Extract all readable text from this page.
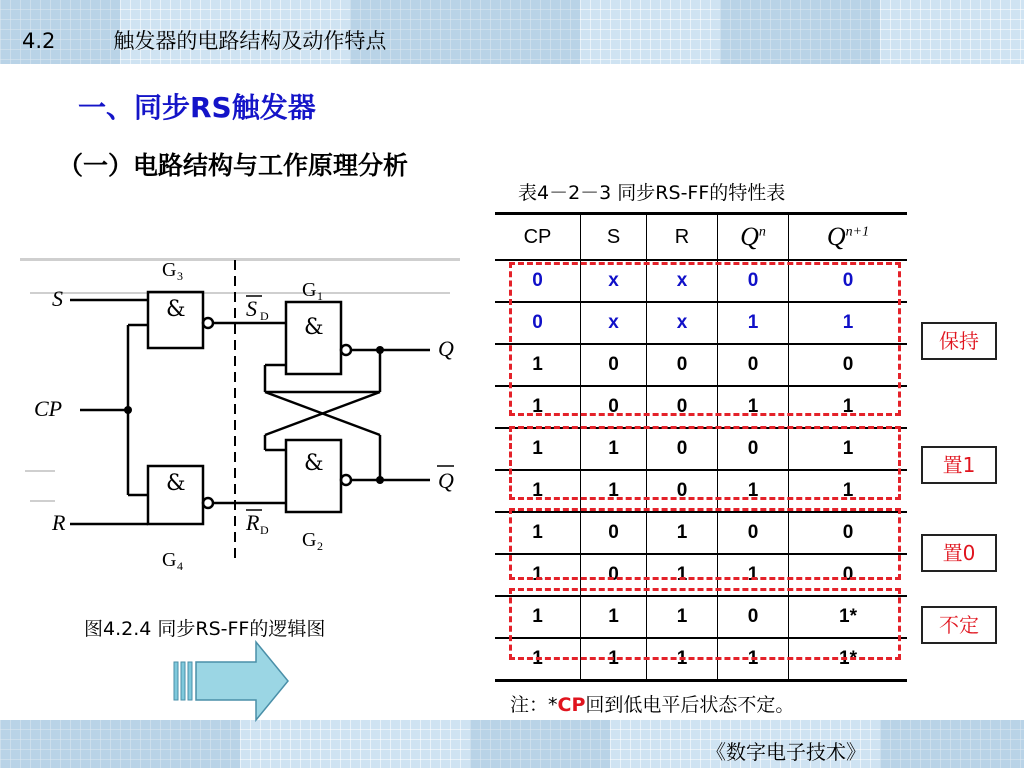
4.2	触发器的电路结构及动作特点
一、同步RS触发器
（一）电路结构与工作原理分析
&
&
&
&
S
R
CP
Q
Q
S
R
D
D
G
G
G
G
3
4
1
2
图4.2.4 同步RS-FF的逻辑图
表4－2－3 同步RS-FF的特性表
CP	S	R	$Q^n$	$Q^{n+1}$
0	x	x	0	0
0	x	x	1	1
1	0	0	0	0
1	0	0	1	1
1	1	0	0	1
1	1	0	1	1
1	0	1	0	0
1	0	1	1	0
1	1	1	0	1*
1	1	1	1	1*
保持
置1
置0
不定
注：*CP回到低电平后状态不定。
《数字电子技术》
